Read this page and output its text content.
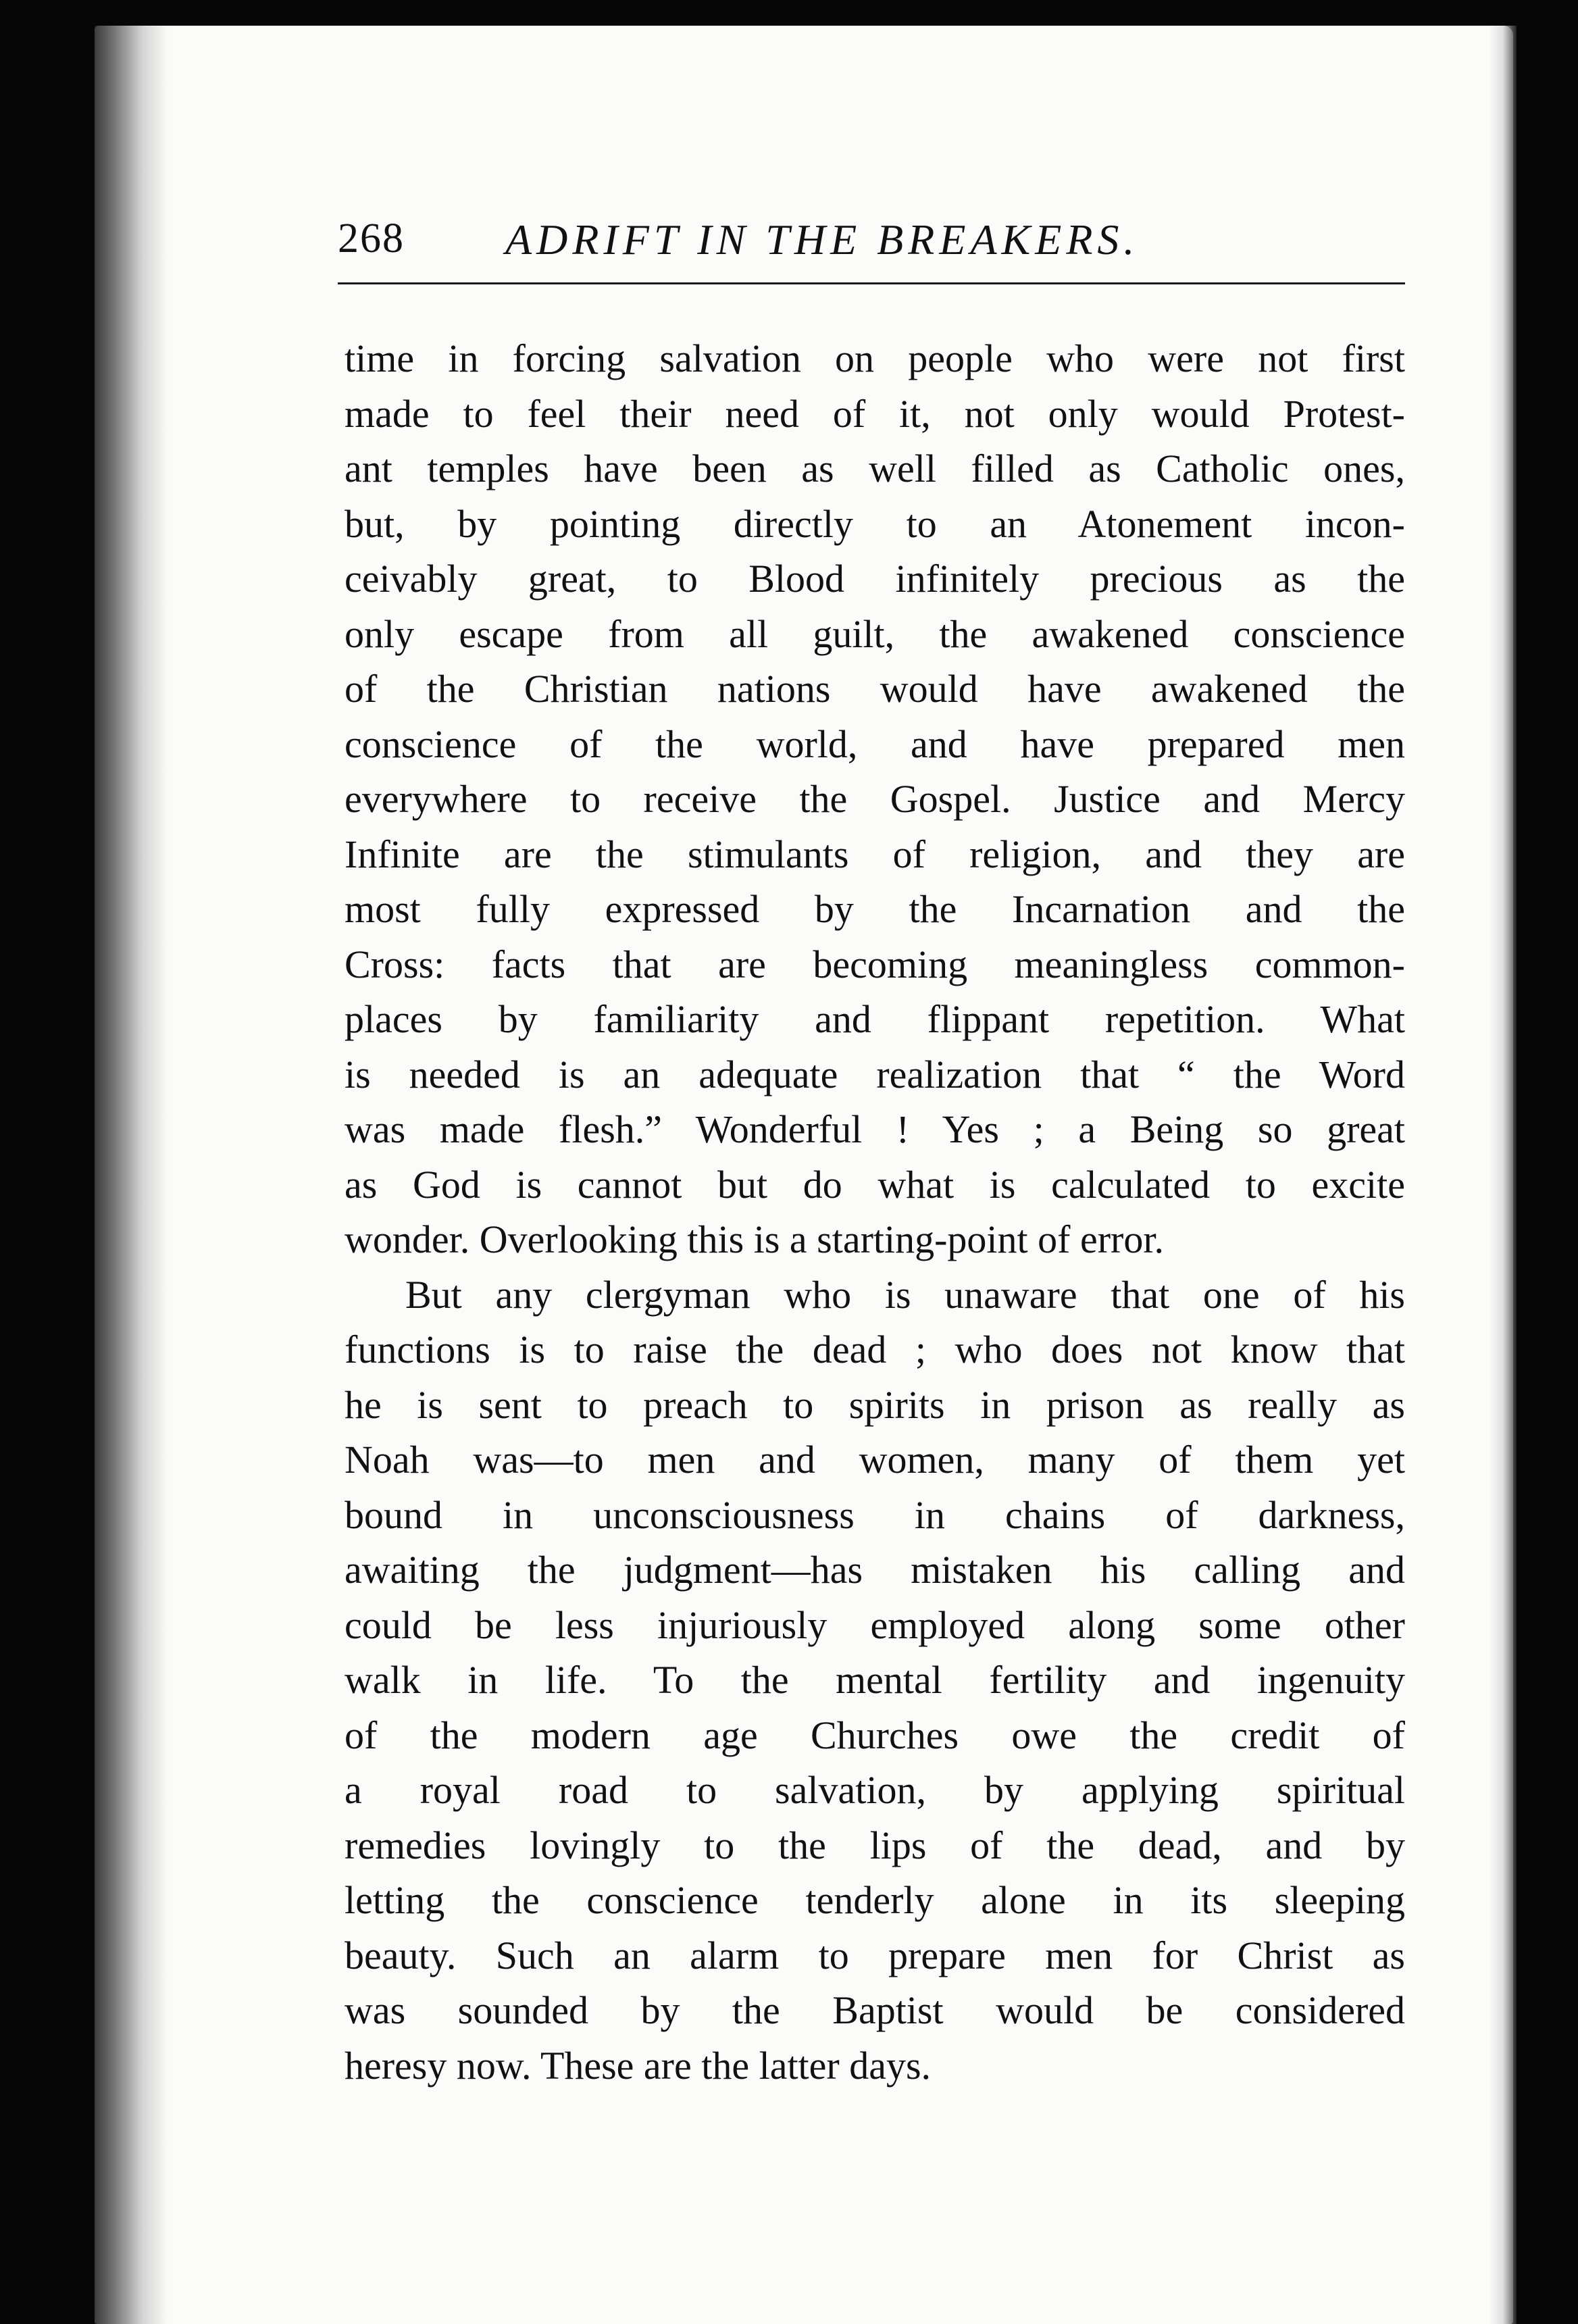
268 ADRIFT IN THE BREAKERS.
time in forcing salvation on people who were not first
made to feel their need of it, not only would Protest-
ant temples have been as well filled as Catholic ones,
but, by pointing directly to an Atonement incon-
ceivably great, to Blood infinitely precious as the
only escape from all guilt, the awakened conscience
of the Christian nations would have awakened the
conscience of the world, and have prepared men
everywhere to receive the Gospel. Justice and Mercy
Infinite are the stimulants of religion, and they are
most fully expressed by the Incarnation and the
Cross: facts that are becoming meaningless common-
places by familiarity and flippant repetition. What
is needed is an adequate realization that “ the Word
was made flesh.” Wonderful ! Yes ; a Being so great
as God is cannot but do what is calculated to excite
wonder. Overlooking this is a starting-point of error.
But any clergyman who is unaware that one of his
functions is to raise the dead ; who does not know that
he is sent to preach to spirits in prison as really as
Noah was—to men and women, many of them yet
bound in unconsciousness in chains of darkness,
awaiting the judgment—has mistaken his calling and
could be less injuriously employed along some other
walk in life. To the mental fertility and ingenuity
of the modern age Churches owe the credit of
a royal road to salvation, by applying spiritual
remedies lovingly to the lips of the dead, and by
letting the conscience tenderly alone in its sleeping
beauty. Such an alarm to prepare men for Christ as
was sounded by the Baptist would be considered
heresy now. These are the latter days.
